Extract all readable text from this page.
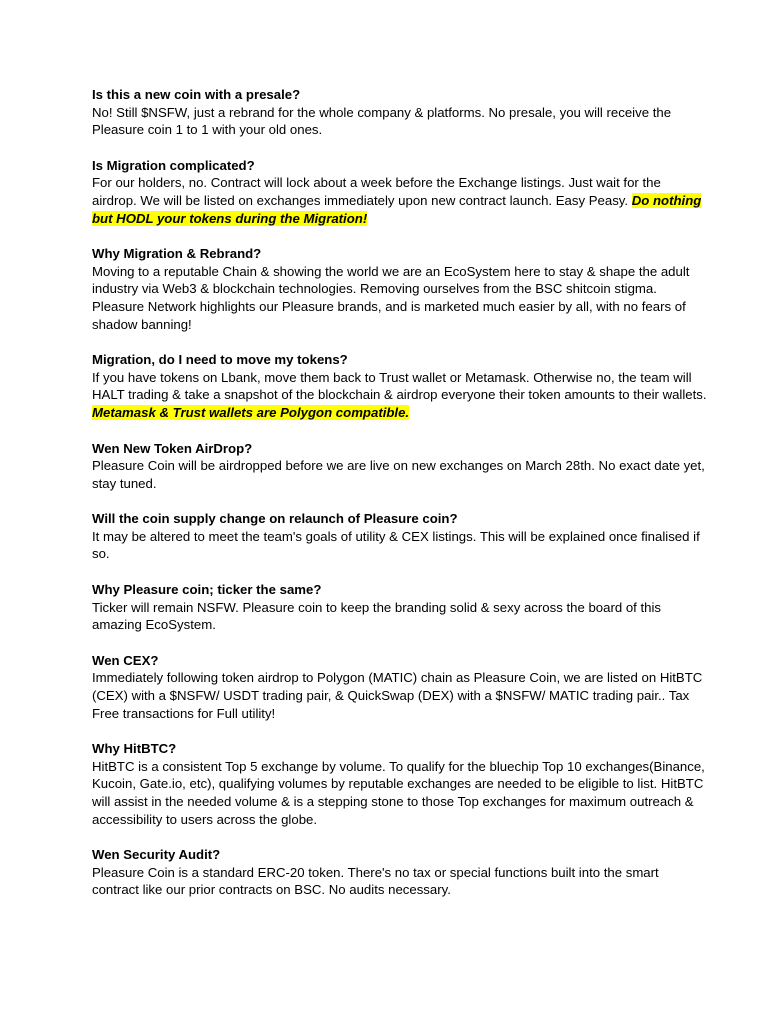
Is this a new coin with a presale?

No! Still $NSFW, just a rebrand for the whole company & platforms. No presale, you will receive the Pleasure coin 1 to 1 with your old ones.

Is Migration complicated?

For our holders, no. Contract will lock about a week before the Exchange listings. Just wait for the airdrop. We will be listed on exchanges immediately upon new contract launch. Easy Peasy. Do nothing but HODL your tokens during the Migration!

Why Migration & Rebrand?

Moving to a reputable Chain & showing the world we are an EcoSystem here to stay & shape the adult industry via Web3 & blockchain technologies. Removing ourselves from the BSC shitcoin stigma. Pleasure Network highlights our Pleasure brands, and is marketed much easier by all, with no fears of shadow banning!

Migration, do I need to move my tokens?

If you have tokens on Lbank, move them back to Trust wallet or Metamask. Otherwise no, the team will HALT trading & take a snapshot of the blockchain & airdrop everyone their token amounts to their wallets. Metamask & Trust wallets are Polygon compatible.

Wen New Token AirDrop?

Pleasure Coin will be airdropped before we are live on new exchanges on March 28th. No exact date yet, stay tuned.

Will the coin supply change on relaunch of Pleasure coin?

It may be altered to meet the team's goals of utility & CEX listings. This will be explained once finalised if so.

Why Pleasure coin; ticker the same?

Ticker will remain NSFW. Pleasure coin to keep the branding solid & sexy across the board of this amazing EcoSystem.

Wen CEX?

Immediately following token airdrop to Polygon (MATIC) chain as Pleasure Coin, we are listed on HitBTC (CEX) with a $NSFW/ USDT trading pair, & QuickSwap (DEX) with a $NSFW/ MATIC trading pair.. Tax Free transactions for Full utility!

Why HitBTC?

HitBTC is a consistent Top 5 exchange by volume. To qualify for the bluechip Top 10 exchanges(Binance, Kucoin, Gate.io, etc), qualifying volumes by reputable exchanges are needed to be eligible to list. HitBTC will assist in the needed volume & is a stepping stone to those Top exchanges for maximum outreach & accessibility to users across the globe.

Wen Security Audit?

Pleasure Coin is a standard ERC-20 token. There's no tax or special functions built into the smart contract like our prior contracts on BSC. No audits necessary.
